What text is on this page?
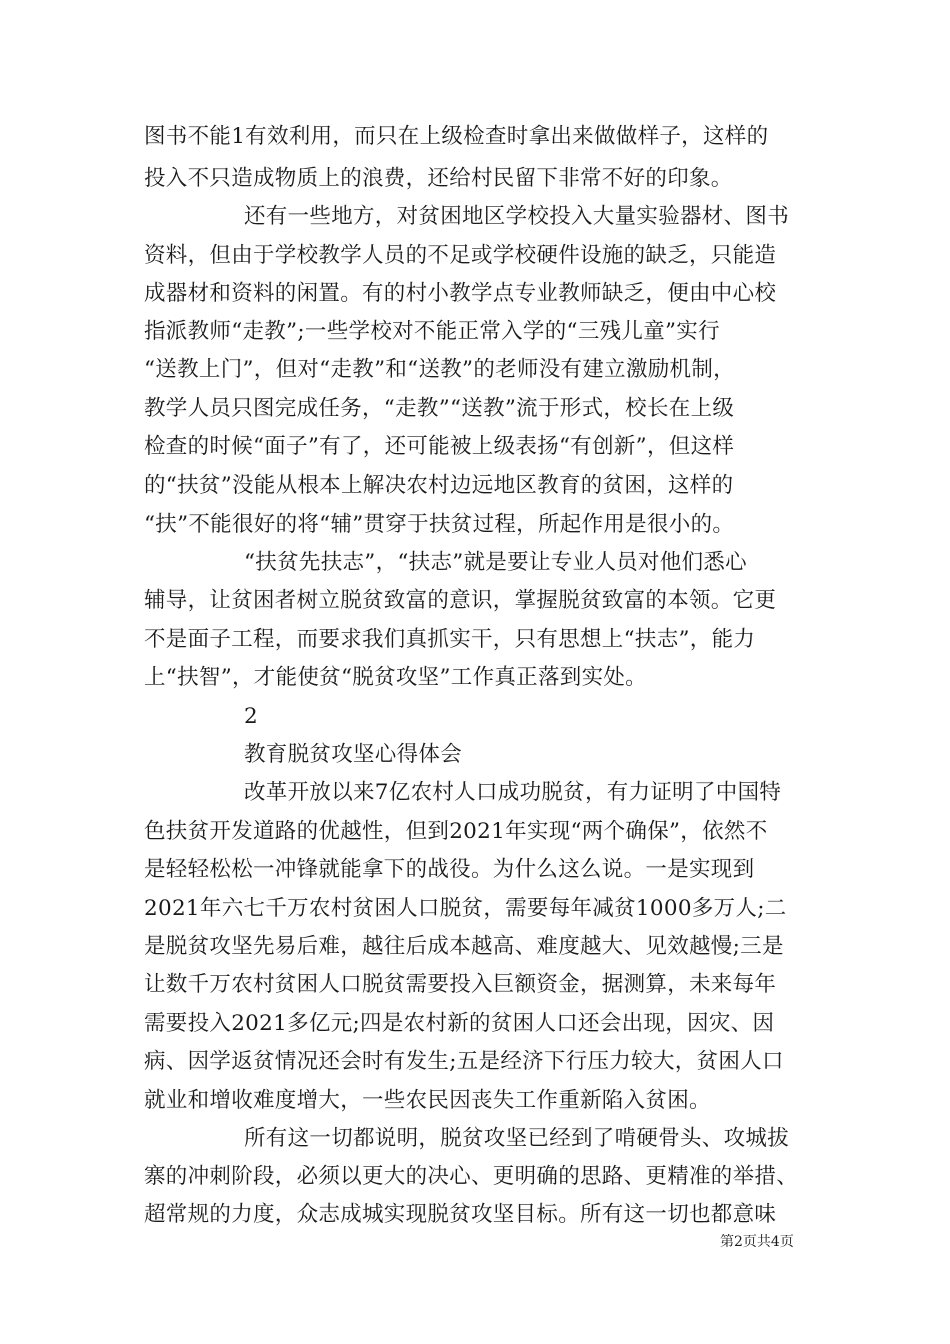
图书不能1有效利用，而只在上级检查时拿出来做做样子，这样的
投入不只造成物质上的浪费，还给村民留下非常不好的印象。
还有一些地方，对贫困地区学校投入大量实验器材、图书
资料，但由于学校教学人员的不足或学校硬件设施的缺乏，只能造
成器材和资料的闲置。有的村小教学点专业教师缺乏，便由中心校
指派教师“走教”;一些学校对不能正常入学的“三残儿童”实行
“送教上门”，但对“走教”和“送教”的老师没有建立激励机制，
教学人员只图完成任务，“走教”“送教”流于形式，校长在上级
检查的时候“面子”有了，还可能被上级表扬“有创新”，但这样
的“扶贫”没能从根本上解决农村边远地区教育的贫困，这样的
“扶”不能很好的将“辅”贯穿于扶贫过程，所起作用是很小的。
“扶贫先扶志”，“扶志”就是要让专业人员对他们悉心
辅导，让贫困者树立脱贫致富的意识，掌握脱贫致富的本领。它更
不是面子工程，而要求我们真抓实干，只有思想上“扶志”，能力
上“扶智”，才能使贫“脱贫攻坚”工作真正落到实处。
2
教育脱贫攻坚心得体会
改革开放以来7亿农村人口成功脱贫，有力证明了中国特
色扶贫开发道路的优越性，但到2021年实现“两个确保”，依然不
是轻轻松松一冲锋就能拿下的战役。为什么这么说。一是实现到
2021年六七千万农村贫困人口脱贫，需要每年减贫1000多万人;二
是脱贫攻坚先易后难，越往后成本越高、难度越大、见效越慢;三是
让数千万农村贫困人口脱贫需要投入巨额资金，据测算，未来每年
需要投入2021多亿元;四是农村新的贫困人口还会出现，因灾、因
病、因学返贫情况还会时有发生;五是经济下行压力较大，贫困人口
就业和增收难度增大，一些农民因丧失工作重新陷入贫困。
所有这一切都说明，脱贫攻坚已经到了啃硬骨头、攻城拔
寨的冲刺阶段，必须以更大的决心、更明确的思路、更精准的举措、
超常规的力度，众志成城实现脱贫攻坚目标。所有这一切也都意味
第2页共4页
